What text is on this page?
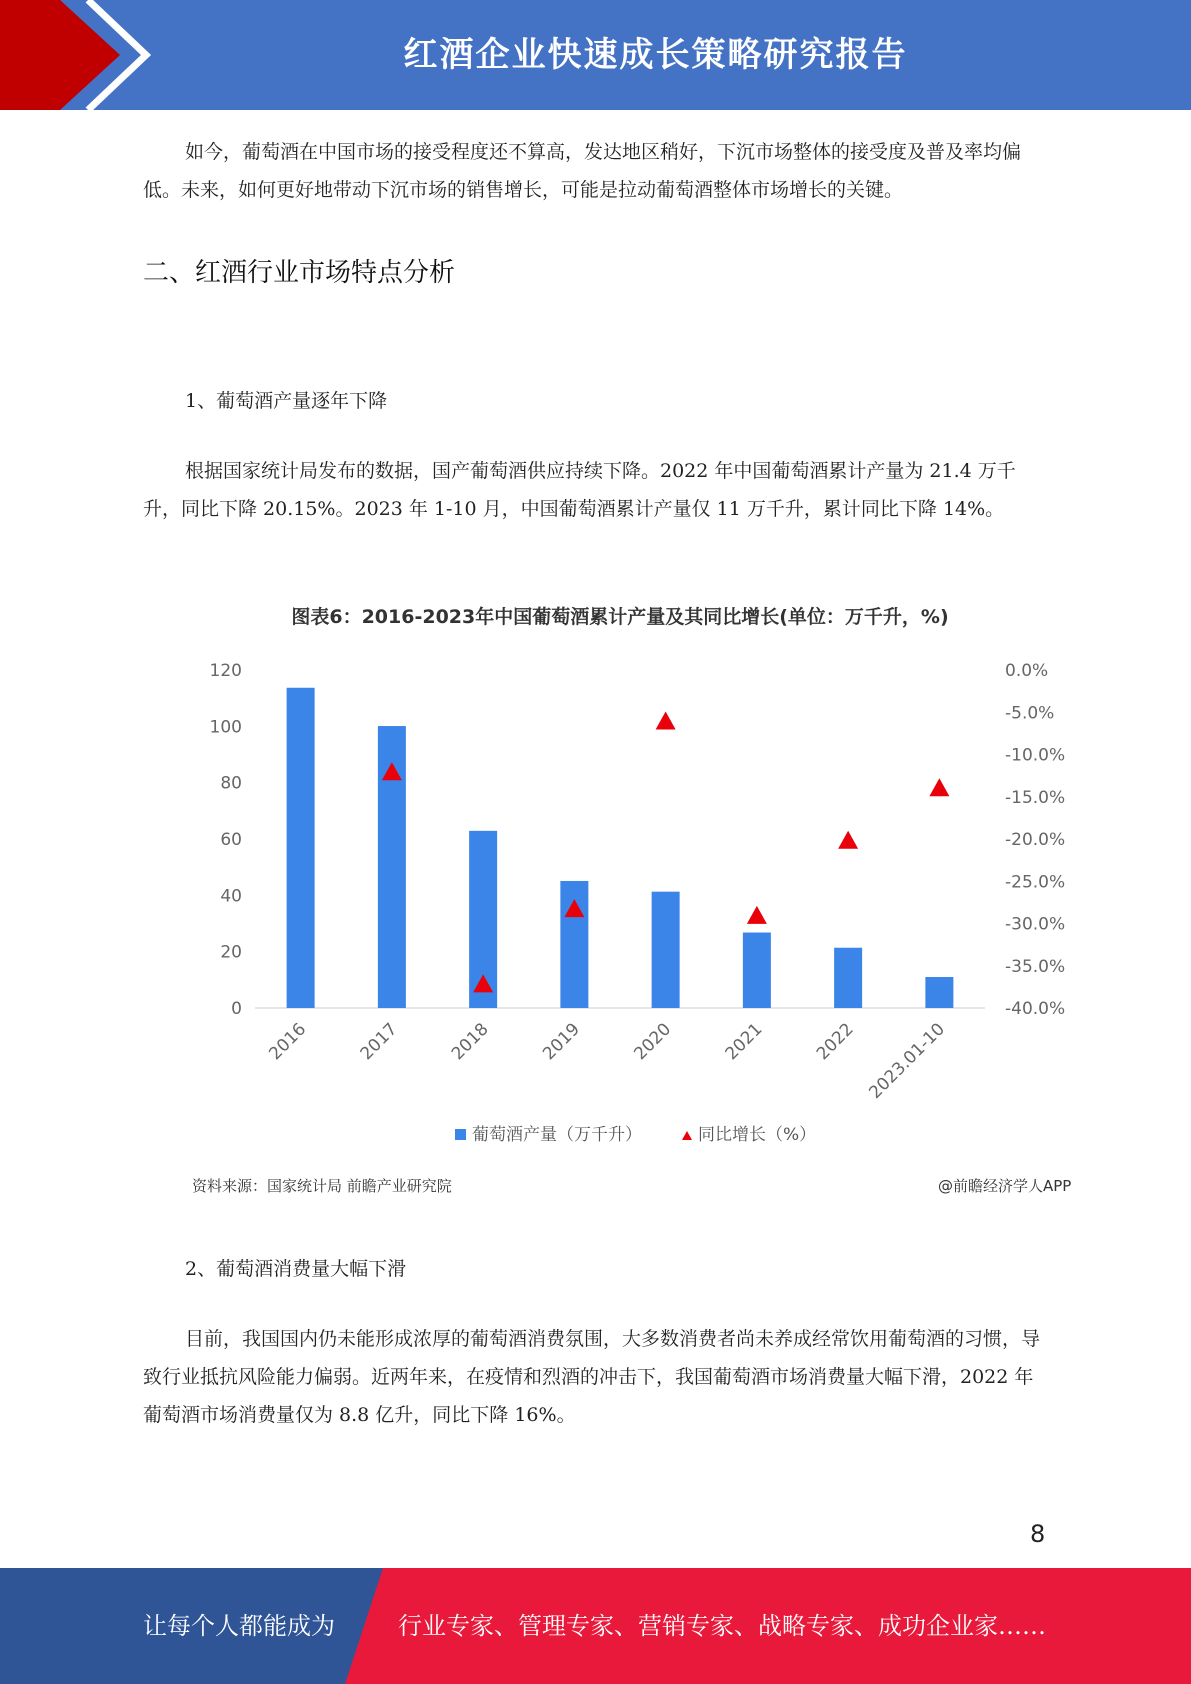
红酒企业快速成长策略研究报告

如今，葡萄酒在中国市场的接受程度还不算高，发达地区稍好，下沉市场整体的接受度及普及率均偏低。未来，如何更好地带动下沉市场的销售增长，可能是拉动葡萄酒整体市场增长的关键。

二、红酒行业市场特点分析

1、葡萄酒产量逐年下降

根据国家统计局发布的数据，国产葡萄酒供应持续下降。2022 年中国葡萄酒累计产量为 21.4 万千升，同比下降 20.15%。2023 年 1-10 月，中国葡萄酒累计产量仅 11 万千升，累计同比下降 14%。

图表6：2016-2023年中国葡萄酒累计产量及其同比增长(单位：万千升，%)
120
100
80
60
40
20
0
0.0%
-5.0%
-10.0%
-15.0%
-20.0%
-25.0%
-30.0%
-35.0%
-40.0%
2016	2017	2018	2019	2020	2021	2022 2023.01-10
葡萄酒产量（万千升）	同比增长（%）
资料来源：国家统计局 前瞻产业研究院	@前瞻经济学人APP

2、葡萄酒消费量大幅下滑

目前，我国国内仍未能形成浓厚的葡萄酒消费氛围，大多数消费者尚未养成经常饮用葡萄酒的习惯，导致行业抵抗风险能力偏弱。近两年来，在疫情和烈酒的冲击下，我国葡萄酒市场消费量大幅下滑，2022 年葡萄酒市场消费量仅为 8.8 亿升，同比下降 16%。

8
让每个人都能成为	行业专家、管理专家、营销专家、战略专家、成功企业家……
